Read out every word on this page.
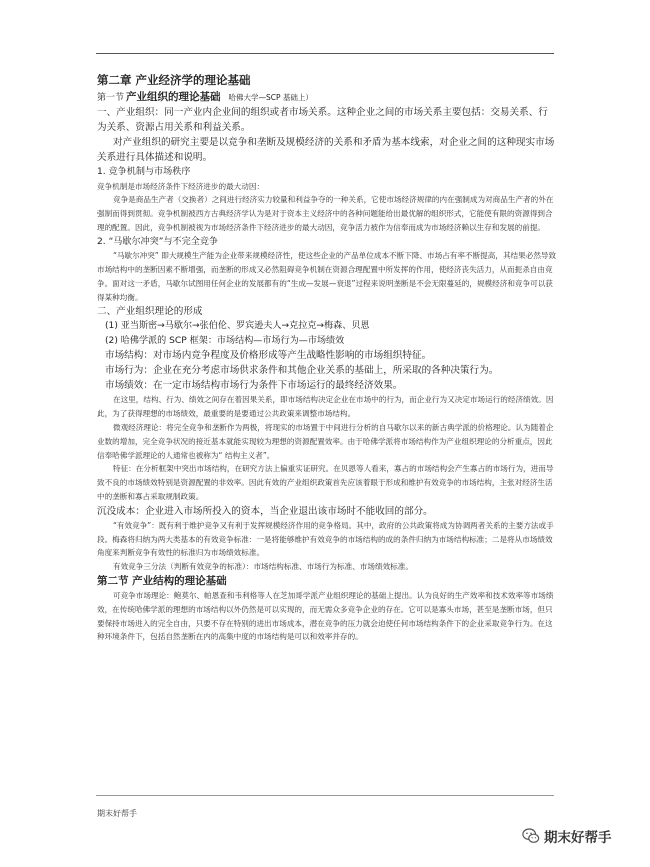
第二章 产业经济学的理论基础
第一节 产业组织的理论基础 哈佛大学—SCP 基础上）

一、产业组织：同一产业内企业间的组织或者市场关系。这种企业之间的市场关系主要包括：交易关系、行为关系、资源占用关系和利益关系。

对产业组织的研究主要是以竞争和垄断及规模经济的关系和矛盾为基本线索，对企业之间的这种现实市场关系进行具体描述和说明。

1. 竞争机制与市场秩序

竞争机制是市场经济条件下经济进步的最大动因：

竞争是商品生产者（交换者）之间进行经济实力较量和利益争夺的一种关系，它使市场经济规律的内在强制成为对商品生产者的外在强制而得到贯彻。竞争机制被西方古典经济学认为是对于资本主义经济中的各种问题能给出最优解的组织形式，它能使有限的资源得到合理的配置。因此，竞争机制被视为市场经济条件下经济进步的最大动因，竞争活力被作为信奉而成为市场经济赖以生存和发展的前提。

2. “马歇尔冲突”与不完全竞争

“马歇尔冲突” 即大规模生产能为企业带来规模经济性，使这些企业的产品单位成本不断下降、市场占有率不断提高，其结果必然导致市场结构中的垄断因素不断增强，而垄断的形成又必然阻碍竞争机制在资源合理配置中所发挥的作用，使经济丧失活力，从而扼杀自由竞争。面对这一矛盾，马歇尔试图用任何企业的发展都有的“生成—发展—衰退”过程来说明垄断是不会无限蔓延的，规模经济和竞争可以获得某种均衡。

二、产业组织理论的形成

(1) 亚当斯密→马歇尔→张伯伦、罗宾逊夫人→克拉克→梅森、贝恩

(2) 哈佛学派的 SCP 框架：市场结构—市场行为—市场绩效

市场结构：对市场内竞争程度及价格形成等产生战略性影响的市场组织特征。

市场行为：企业在充分考虑市场供求条件和其他企业关系的基础上，所采取的各种决策行为。

市场绩效：在一定市场结构市场行为条件下市场运行的最终经济效果。

在这里，结构、行为、绩效之间存在着因果关系，即市场结构决定企业在市场中的行为，而企业行为又决定市场运行的经济绩效。因此，为了获得理想的市场绩效，最重要的是要通过公共政策来调整市场结构。

微观经济理论：将完全竞争和垄断作为两极，将现实的市场置于中间进行分析的自马歇尔以来的新古典学派的价格理论。认为随着企业数的增加，完全竞争状况的接近基本就能实现较为理想的资源配置效率。由于哈佛学派将市场结构作为产业组织理论的分析重点，因此信奉哈佛学派理论的人通常也被称为“ 结构主义者”。

特征：在分析框架中突出市场结构，在研究方法上偏重实证研究。在贝恩等人看来，寡占的市场结构会产生寡占的市场行为，进而导致不良的市场绩效特别是资源配置的非效率。因此有效的产业组织政策首先应该着眼于形成和维护有效竞争的市场结构，主张对经济生活中的垄断和寡占采取规制政策。

沉没成本：企业进入市场所投入的资本，当企业退出该市场时不能收回的部分。

“有效竞争”：既有利于维护竞争又有利于发挥规模经济作用的竞争格局。其中，政府的公共政策将成为协调两者关系的主要方法或手段。梅森将归纳为两大类基本的有效竞争标准：一是将能够维护有效竞争的市场结构的成的条件归纳为市场结构标准；二是将从市场绩效角度来判断竞争有效性的标准归为市场绩效标准。

有效竞争三分法（判断有效竞争的标准）：市场结构标准、市场行为标准、市场绩效标准。

第二节 产业结构的理论基础

可竞争市场理论：鲍莫尔、帕恩查和韦利格等人在芝加哥学派产业组织理论的基础上提出。认为良好的生产效率和技术效率等市场绩效，在传统哈佛学派的理想的市场结构以外仍然是可以实现的，而无需众多竞争企业的存在。它可以是寡头市场，甚至是垄断市场，但只要保持市场进入的完全自由，只要不存在特别的进出市场成本，潜在竞争的压力就会迫使任何市场结构条件下的企业采取竞争行为。在这种环境条件下，包括自然垄断在内的高集中度的市场结构是可以和效率并存的。

期末好帮手
期末好帮手
